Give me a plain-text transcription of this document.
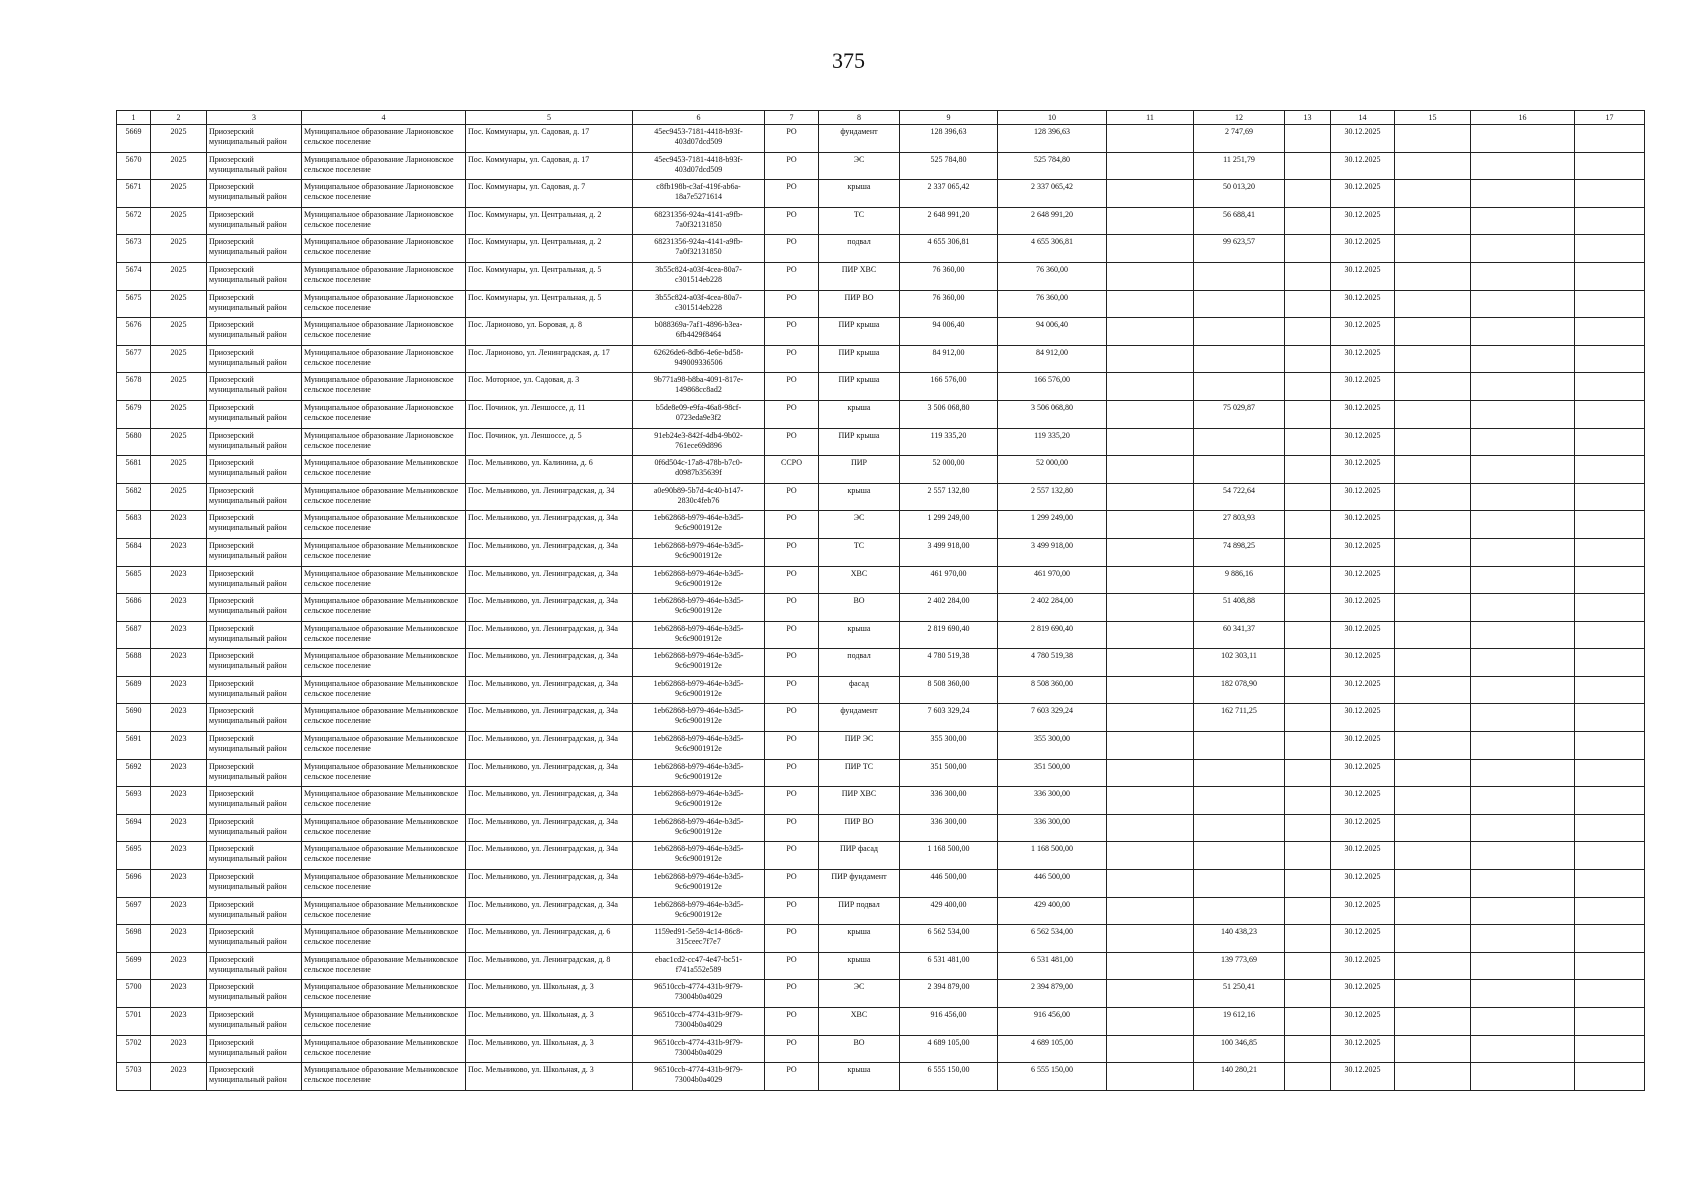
375
1	2	3	4	5	6	7	8	9	10	11	12	13	14	15	16	17
5669	2025	Приозерский муниципальный район	Муниципальное образование Ларионовское сельское поселение	Пос. Коммунары, ул. Садовая, д. 17	45ec9453-7181-4418-b93f-403d07dcd509	РО	фундамент	128 396,63	128 396,63		2 747,69		30.12.2025			
5670	2025	Приозерский муниципальный район	Муниципальное образование Ларионовское сельское поселение	Пос. Коммунары, ул. Садовая, д. 17	45ec9453-7181-4418-b93f-403d07dcd509	РО	ЭС	525 784,80	525 784,80		11 251,79		30.12.2025			
5671	2025	Приозерский муниципальный район	Муниципальное образование Ларионовское сельское поселение	Пос. Коммунары, ул. Садовая, д. 7	c8fb198b-c3af-419f-ab6a-18a7e5271614	РО	крыша	2 337 065,42	2 337 065,42		50 013,20		30.12.2025			
5672	2025	Приозерский муниципальный район	Муниципальное образование Ларионовское сельское поселение	Пос. Коммунары, ул. Центральная, д. 2	68231356-924a-4141-a9fb-7a0f32131850	РО	ТС	2 648 991,20	2 648 991,20		56 688,41		30.12.2025			
5673	2025	Приозерский муниципальный район	Муниципальное образование Ларионовское сельское поселение	Пос. Коммунары, ул. Центральная, д. 2	68231356-924a-4141-a9fb-7a0f32131850	РО	подвал	4 655 306,81	4 655 306,81		99 623,57		30.12.2025			
5674	2025	Приозерский муниципальный район	Муниципальное образование Ларионовское сельское поселение	Пос. Коммунары, ул. Центральная, д. 5	3b55c824-a03f-4cea-80a7-c301514eb228	РО	ПИР ХВС	76 360,00	76 360,00				30.12.2025			
5675	2025	Приозерский муниципальный район	Муниципальное образование Ларионовское сельское поселение	Пос. Коммунары, ул. Центральная, д. 5	3b55c824-a03f-4cea-80a7-c301514eb228	РО	ПИР ВО	76 360,00	76 360,00				30.12.2025			
5676	2025	Приозерский муниципальный район	Муниципальное образование Ларионовское сельское поселение	Пос. Ларионово, ул. Боровая, д. 8	b088369a-7af1-4896-b3ea-6fb4429f8464	РО	ПИР крыша	94 006,40	94 006,40				30.12.2025			
5677	2025	Приозерский муниципальный район	Муниципальное образование Ларионовское сельское поселение	Пос. Ларионово, ул. Ленинградская, д. 17	62626de6-8db6-4e6e-bd58-949009336506	РО	ПИР крыша	84 912,00	84 912,00				30.12.2025			
5678	2025	Приозерский муниципальный район	Муниципальное образование Ларионовское сельское поселение	Пос. Моторное, ул. Садовая, д. 3	9b771a98-b8ba-4091-817e-149868cc8ad2	РО	ПИР крыша	166 576,00	166 576,00				30.12.2025			
5679	2025	Приозерский муниципальный район	Муниципальное образование Ларионовское сельское поселение	Пос. Починок, ул. Леншоссе, д. 11	b5de8e09-e9fa-46a8-98cf-0723eda9e3f2	РО	крыша	3 506 068,80	3 506 068,80		75 029,87		30.12.2025			
5680	2025	Приозерский муниципальный район	Муниципальное образование Ларионовское сельское поселение	Пос. Починок, ул. Леншоссе, д. 5	91eb24e3-842f-4db4-9b02-761ece69d896	РО	ПИР крыша	119 335,20	119 335,20				30.12.2025			
5681	2025	Приозерский муниципальный район	Муниципальное образование Мельниковское сельское поселение	Пос. Мельниково, ул. Калинина, д. 6	0f6d504c-17a8-478b-b7c0-d0987b35639f	ССРО	ПИР	52 000,00	52 000,00				30.12.2025			
5682	2025	Приозерский муниципальный район	Муниципальное образование Мельниковское сельское поселение	Пос. Мельниково, ул. Ленинградская, д. 34	a0e90b89-5b7d-4c40-b147-2830c4feb76	РО	крыша	2 557 132,80	2 557 132,80		54 722,64		30.12.2025			
5683	2023	Приозерский муниципальный район	Муниципальное образование Мельниковское сельское поселение	Пос. Мельниково, ул. Ленинградская, д. 34а	1eb62868-b979-464e-b3d5-9c6c9001912e	РО	ЭС	1 299 249,00	1 299 249,00		27 803,93		30.12.2025			
5684	2023	Приозерский муниципальный район	Муниципальное образование Мельниковское сельское поселение	Пос. Мельниково, ул. Ленинградская, д. 34а	1eb62868-b979-464e-b3d5-9c6c9001912e	РО	ТС	3 499 918,00	3 499 918,00		74 898,25		30.12.2025			
5685	2023	Приозерский муниципальный район	Муниципальное образование Мельниковское сельское поселение	Пос. Мельниково, ул. Ленинградская, д. 34а	1eb62868-b979-464e-b3d5-9c6c9001912e	РО	ХВС	461 970,00	461 970,00		9 886,16		30.12.2025			
5686	2023	Приозерский муниципальный район	Муниципальное образование Мельниковское сельское поселение	Пос. Мельниково, ул. Ленинградская, д. 34а	1eb62868-b979-464e-b3d5-9c6c9001912e	РО	ВО	2 402 284,00	2 402 284,00		51 408,88		30.12.2025			
5687	2023	Приозерский муниципальный район	Муниципальное образование Мельниковское сельское поселение	Пос. Мельниково, ул. Ленинградская, д. 34а	1eb62868-b979-464e-b3d5-9c6c9001912e	РО	крыша	2 819 690,40	2 819 690,40		60 341,37		30.12.2025			
5688	2023	Приозерский муниципальный район	Муниципальное образование Мельниковское сельское поселение	Пос. Мельниково, ул. Ленинградская, д. 34а	1eb62868-b979-464e-b3d5-9c6c9001912e	РО	подвал	4 780 519,38	4 780 519,38		102 303,11		30.12.2025			
5689	2023	Приозерский муниципальный район	Муниципальное образование Мельниковское сельское поселение	Пос. Мельниково, ул. Ленинградская, д. 34а	1eb62868-b979-464e-b3d5-9c6c9001912e	РО	фасад	8 508 360,00	8 508 360,00		182 078,90		30.12.2025			
5690	2023	Приозерский муниципальный район	Муниципальное образование Мельниковское сельское поселение	Пос. Мельниково, ул. Ленинградская, д. 34а	1eb62868-b979-464e-b3d5-9c6c9001912e	РО	фундамент	7 603 329,24	7 603 329,24		162 711,25		30.12.2025			
5691	2023	Приозерский муниципальный район	Муниципальное образование Мельниковское сельское поселение	Пос. Мельниково, ул. Ленинградская, д. 34а	1eb62868-b979-464e-b3d5-9c6c9001912e	РО	ПИР ЭС	355 300,00	355 300,00				30.12.2025			
5692	2023	Приозерский муниципальный район	Муниципальное образование Мельниковское сельское поселение	Пос. Мельниково, ул. Ленинградская, д. 34а	1eb62868-b979-464e-b3d5-9c6c9001912e	РО	ПИР ТС	351 500,00	351 500,00				30.12.2025			
5693	2023	Приозерский муниципальный район	Муниципальное образование Мельниковское сельское поселение	Пос. Мельниково, ул. Ленинградская, д. 34а	1eb62868-b979-464e-b3d5-9c6c9001912e	РО	ПИР ХВС	336 300,00	336 300,00				30.12.2025			
5694	2023	Приозерский муниципальный район	Муниципальное образование Мельниковское сельское поселение	Пос. Мельниково, ул. Ленинградская, д. 34а	1eb62868-b979-464e-b3d5-9c6c9001912e	РО	ПИР ВО	336 300,00	336 300,00				30.12.2025			
5695	2023	Приозерский муниципальный район	Муниципальное образование Мельниковское сельское поселение	Пос. Мельниково, ул. Ленинградская, д. 34а	1eb62868-b979-464e-b3d5-9c6c9001912e	РО	ПИР фасад	1 168 500,00	1 168 500,00				30.12.2025			
5696	2023	Приозерский муниципальный район	Муниципальное образование Мельниковское сельское поселение	Пос. Мельниково, ул. Ленинградская, д. 34а	1eb62868-b979-464e-b3d5-9c6c9001912e	РО	ПИР фундамент	446 500,00	446 500,00				30.12.2025			
5697	2023	Приозерский муниципальный район	Муниципальное образование Мельниковское сельское поселение	Пос. Мельниково, ул. Ленинградская, д. 34а	1eb62868-b979-464e-b3d5-9c6c9001912e	РО	ПИР подвал	429 400,00	429 400,00				30.12.2025			
5698	2023	Приозерский муниципальный район	Муниципальное образование Мельниковское сельское поселение	Пос. Мельниково, ул. Ленинградская, д. 6	1159ed91-5e59-4c14-86c8-315ceec7f7e7	РО	крыша	6 562 534,00	6 562 534,00		140 438,23		30.12.2025			
5699	2023	Приозерский муниципальный район	Муниципальное образование Мельниковское сельское поселение	Пос. Мельниково, ул. Ленинградская, д. 8	ebac1cd2-cc47-4e47-bc51-f741a552e589	РО	крыша	6 531 481,00	6 531 481,00		139 773,69		30.12.2025			
5700	2023	Приозерский муниципальный район	Муниципальное образование Мельниковское сельское поселение	Пос. Мельниково, ул. Школьная, д. 3	96510ccb-4774-431b-9f79-73004b0a4029	РО	ЭС	2 394 879,00	2 394 879,00		51 250,41		30.12.2025			
5701	2023	Приозерский муниципальный район	Муниципальное образование Мельниковское сельское поселение	Пос. Мельниково, ул. Школьная, д. 3	96510ccb-4774-431b-9f79-73004b0a4029	РО	ХВС	916 456,00	916 456,00		19 612,16		30.12.2025			
5702	2023	Приозерский муниципальный район	Муниципальное образование Мельниковское сельское поселение	Пос. Мельниково, ул. Школьная, д. 3	96510ccb-4774-431b-9f79-73004b0a4029	РО	ВО	4 689 105,00	4 689 105,00		100 346,85		30.12.2025			
5703	2023	Приозерский муниципальный район	Муниципальное образование Мельниковское сельское поселение	Пос. Мельниково, ул. Школьная, д. 3	96510ccb-4774-431b-9f79-73004b0a4029	РО	крыша	6 555 150,00	6 555 150,00		140 280,21		30.12.2025			
